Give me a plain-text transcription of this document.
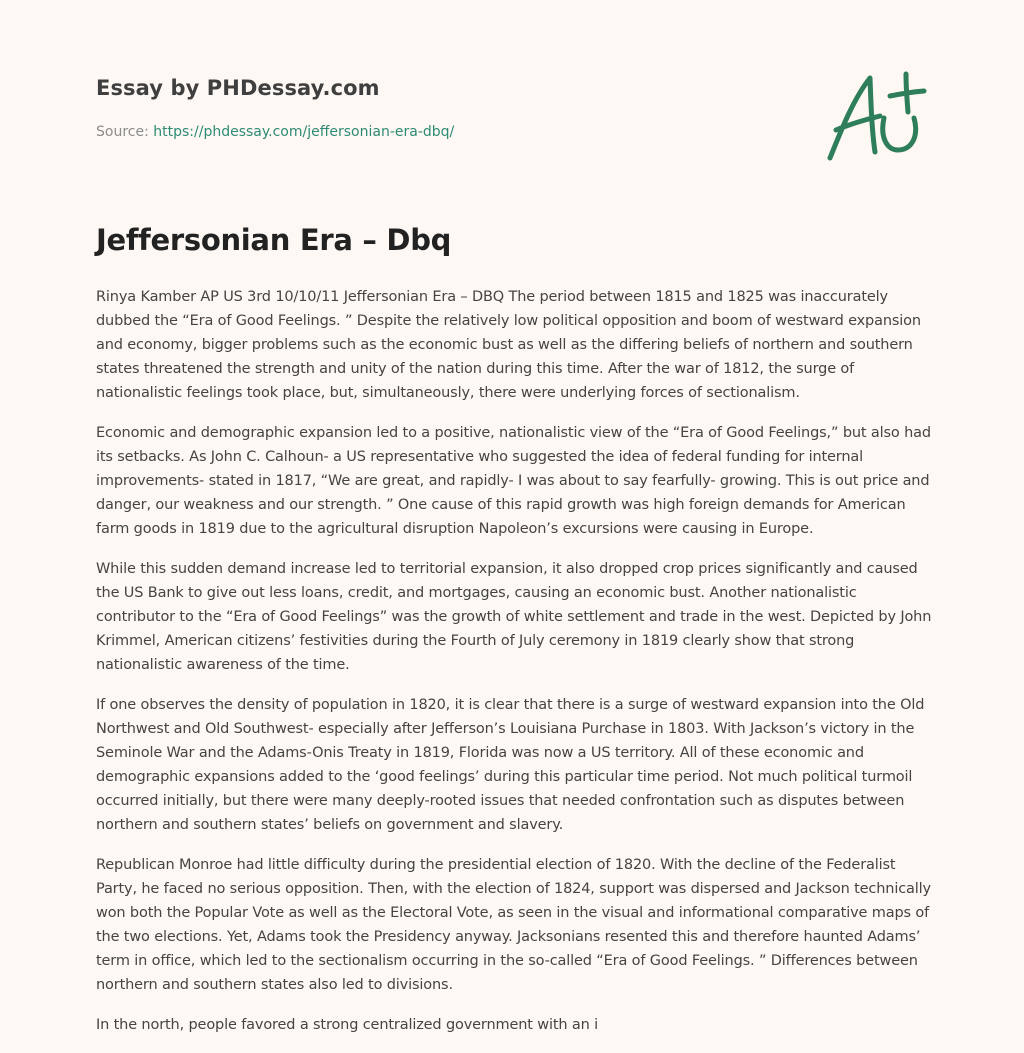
Essay by PHDessay.com

Source: https://phdessay.com/jeffersonian-era-dbq/
Jeffersonian Era – Dbq

Rinya Kamber AP US 3rd 10/10/11 Jeffersonian Era – DBQ The period between 1815 and 1825 was inaccurately dubbed the “Era of Good Feelings. ” Despite the relatively low political opposition and boom of westward expansion and economy, bigger problems such as the economic bust as well as the differing beliefs of northern and southern states threatened the strength and unity of the nation during this time. After the war of 1812, the surge of nationalistic feelings took place, but, simultaneously, there were underlying forces of sectionalism.

Economic and demographic expansion led to a positive, nationalistic view of the “Era of Good Feelings,” but also had its setbacks. As John C. Calhoun- a US representative who suggested the idea of federal funding for internal improvements- stated in 1817, “We are great, and rapidly- I was about to say fearfully- growing. This is out price and danger, our weakness and our strength. ” One cause of this rapid growth was high foreign demands for American farm goods in 1819 due to the agricultural disruption Napoleon’s excursions were causing in Europe.

While this sudden demand increase led to territorial expansion, it also dropped crop prices significantly and caused the US Bank to give out less loans, credit, and mortgages, causing an economic bust. Another nationalistic contributor to the “Era of Good Feelings” was the growth of white settlement and trade in the west. Depicted by John Krimmel, American citizens’ festivities during the Fourth of July ceremony in 1819 clearly show that strong nationalistic awareness of the time.

If one observes the density of population in 1820, it is clear that there is a surge of westward expansion into the Old Northwest and Old Southwest- especially after Jefferson’s Louisiana Purchase in 1803. With Jackson’s victory in the Seminole War and the Adams-Onis Treaty in 1819, Florida was now a US territory. All of these economic and demographic expansions added to the ‘good feelings’ during this particular time period. Not much political turmoil occurred initially, but there were many deeply-rooted issues that needed confrontation such as disputes between northern and southern states’ beliefs on government and slavery.

Republican Monroe had little difficulty during the presidential election of 1820. With the decline of the Federalist Party, he faced no serious opposition. Then, with the election of 1824, support was dispersed and Jackson technically won both the Popular Vote as well as the Electoral Vote, as seen in the visual and informational comparative maps of the two elections. Yet, Adams took the Presidency anyway. Jacksonians resented this and therefore haunted Adams’ term in office, which led to the sectionalism occurring in the so-called “Era of Good Feelings. ” Differences between northern and southern states also led to divisions.

In the north, people favored a strong centralized government with an i
